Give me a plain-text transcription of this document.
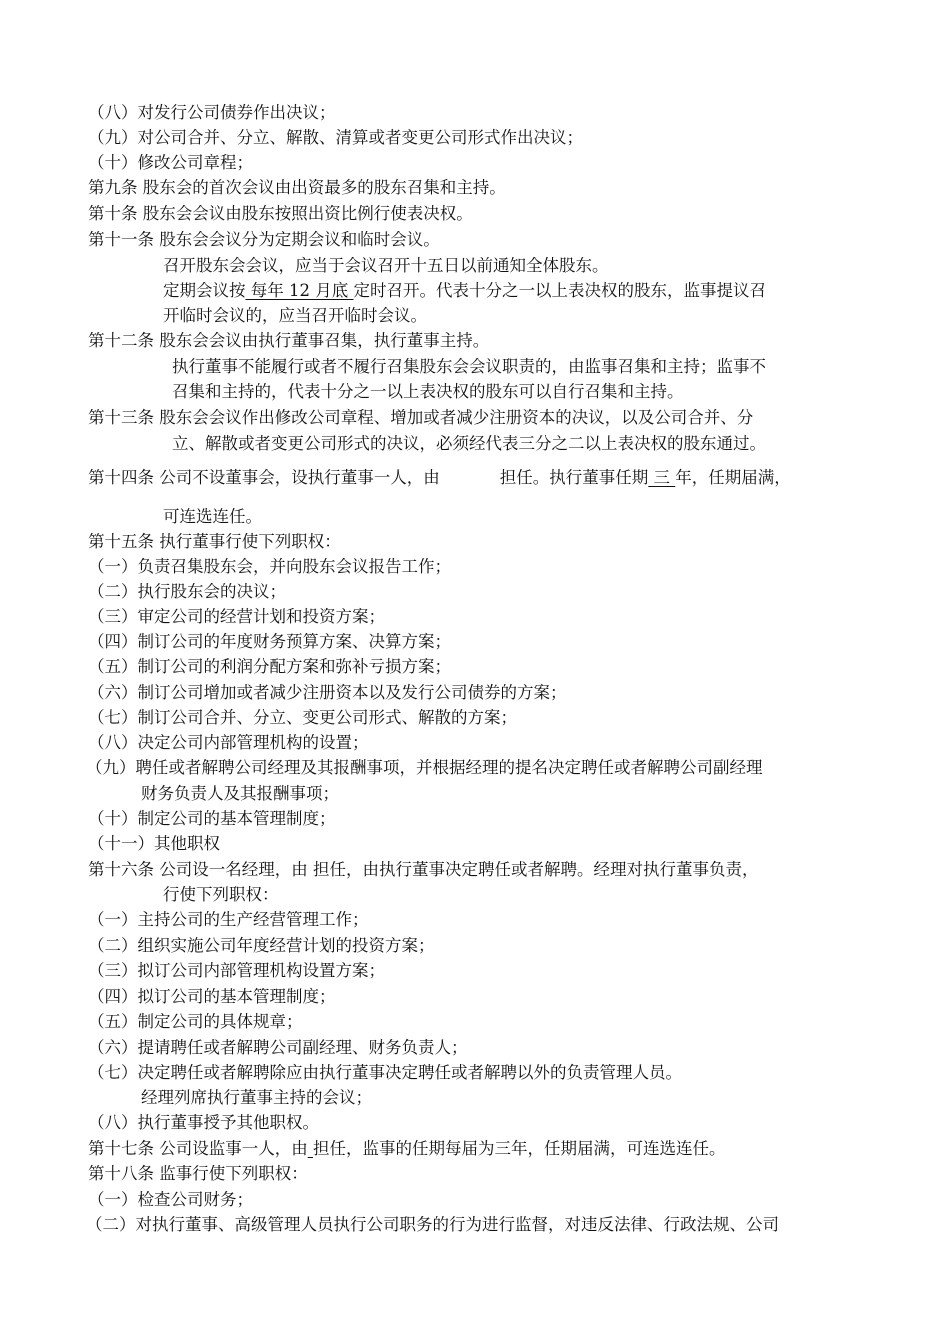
（八）对发行公司债券作出决议；
（九）对公司合并、分立、解散、清算或者变更公司形式作出决议；
（十）修改公司章程；
第九条 股东会的首次会议由出资最多的股东召集和主持。
第十条 股东会会议由股东按照出资比例行使表决权。
第十一条 股东会会议分为定期会议和临时会议。
召开股东会会议，应当于会议召开十五日以前通知全体股东。
定期会议按 每年 12 月底 定时召开。代表十分之一以上表决权的股东，监事提议召
开临时会议的，应当召开临时会议。
第十二条 股东会会议由执行董事召集，执行董事主持。
执行董事不能履行或者不履行召集股东会会议职责的，由监事召集和主持；监事不
召集和主持的，代表十分之一以上表决权的股东可以自行召集和主持。
第十三条 股东会会议作出修改公司章程、增加或者减少注册资本的决议，以及公司合并、分
立、解散或者变更公司形式的决议，必须经代表三分之二以上表决权的股东通过。
第十四条 公司不设董事会，设执行董事一人，由	担任。执行董事任期 三 年，任期届满，
可连选连任。
第十五条 执行董事行使下列职权：
（一）负责召集股东会，并向股东会议报告工作；
（二）执行股东会的决议；
（三）审定公司的经营计划和投资方案；
（四）制订公司的年度财务预算方案、决算方案；
（五）制订公司的利润分配方案和弥补亏损方案；
（六）制订公司增加或者减少注册资本以及发行公司债券的方案；
（七）制订公司合并、分立、变更公司形式、解散的方案；
（八）决定公司内部管理机构的设置；
（九）聘任或者解聘公司经理及其报酬事项，并根据经理的提名决定聘任或者解聘公司副经理
财务负责人及其报酬事项；
（十）制定公司的基本管理制度；
（十一）其他职权
第十六条 公司设一名经理，由 担任，由执行董事决定聘任或者解聘。经理对执行董事负责，
行使下列职权：
（一）主持公司的生产经营管理工作；
（二）组织实施公司年度经营计划的投资方案；
（三）拟订公司内部管理机构设置方案；
（四）拟订公司的基本管理制度；
（五）制定公司的具体规章；
（六）提请聘任或者解聘公司副经理、财务负责人；
（七）决定聘任或者解聘除应由执行董事决定聘任或者解聘以外的负责管理人员。
经理列席执行董事主持的会议；
（八）执行董事授予其他职权。
第十七条 公司设监事一人，由 担任，监事的任期每届为三年，任期届满，可连选连任。
第十八条 监事行使下列职权：
（一）检查公司财务；
（二）对执行董事、高级管理人员执行公司职务的行为进行监督，对违反法律、行政法规、公司
